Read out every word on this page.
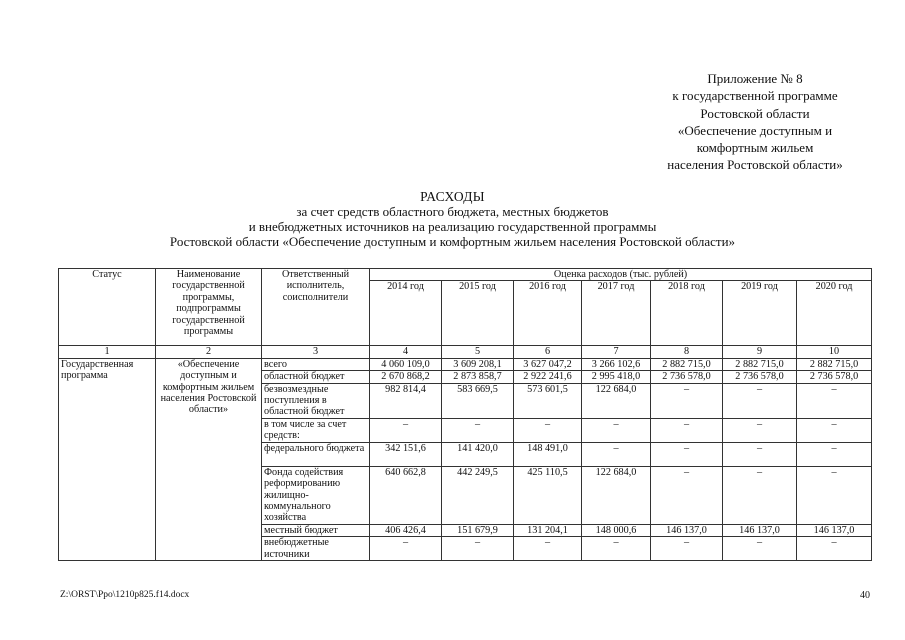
Приложение № 8
к государственной программе
Ростовской области
«Обеспечение доступным и
комфортным жильем
населения Ростовской области»
РАСХОДЫ
за счет средств областного бюджета, местных бюджетов
и внебюджетных источников на реализацию государственной программы
Ростовской области «Обеспечение доступным и комфортным жильем населения Ростовской области»
Статус	Наименование государственной программы, подпрограммы государственной программы	Ответственный исполнитель, соисполнители	Оценка расходов (тыс. рублей)						
			2014 год	2015 год	2016 год	2017 год	2018 год	2019 год	2020 год
1	2	3	4	5	6	7	8	9	10
Государственная программа	«Обеспечение доступным и комфортным жильем населения Ростовской области»	всего	4 060 109,0	3 609 208,1	3 627 047,2	3 266 102,6	2 882 715,0	2 882 715,0	2 882 715,0
		областной бюджет	2 670 868,2	2 873 858,7	2 922 241,6	2 995 418,0	2 736 578,0	2 736 578,0	2 736 578,0
		безвозмездные поступления в областной бюджет	982 814,4	583 669,5	573 601,5	122 684,0	–	–	–
		в том числе за счет средств:	–	–	–	–	–	–	–
		федерального бюджета	342 151,6	141 420,0	148 491,0	–	–	–	–
		Фонда содействия реформированию жилищно-коммунального хозяйства	640 662,8	442 249,5	425 110,5	122 684,0	–	–	–
		местный бюджет	406 426,4	151 679,9	131 204,1	148 000,6	146 137,0	146 137,0	146 137,0
		внебюджетные источники	–	–	–	–	–	–	–
Z:\ORST\Ppo\1210p825.f14.docx	40
